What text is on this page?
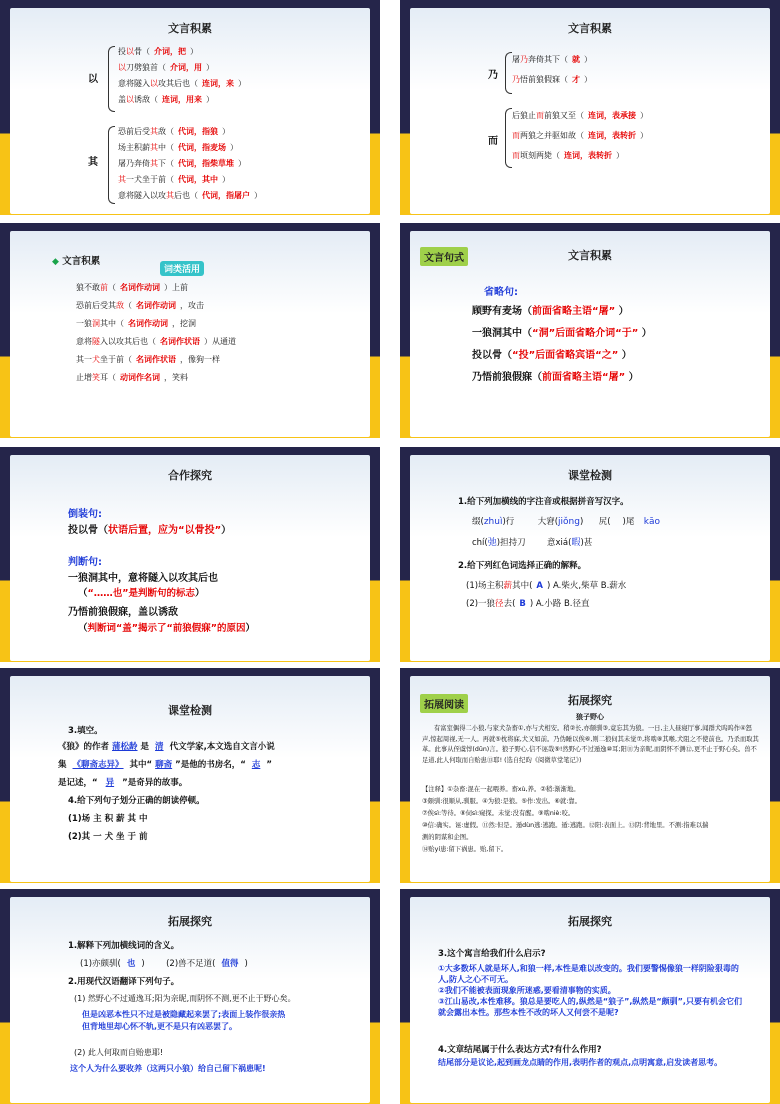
文言积累
以
投以骨（ 介词，把 ）
以刀劈狼首（ 介词，用 ）
意将隧入以攻其后也（ 连词，来 ）
盖以诱敌（ 连词，用来 ）
其
恐前后受其敌（ 代词，指狼 ）
场主积薪其中（ 代词，指麦场 ）
屠乃奔倚其下（ 代词，指柴草堆 ）
其一犬坐于前（ 代词，其中 ）
意将隧入以攻其后也（ 代词，指屠户 ）
文言积累
乃
屠乃奔倚其下（ 就 ）
乃悟前狼假寐（ 才 ）
而
后狼止而前狼又至（ 连词，表承接 ）
而两狼之并驱如故（ 连词，表转折 ）
而顷刻两毙（ 连词，表转折 ）
◆ 文言积累
词类活用
狼不敢前（ 名词作动词 ）上前
恐前后受其敌（ 名词作动词 ，攻击
一狼洞其中（ 名词作动词 ，挖洞
意将隧入以攻其后也（ 名词作状语 ）从通道
其一犬坐于前（ 名词作状语 ，像狗一样
止增笑耳（ 动词作名词 ，笑料
文言句式	文言积累
省略句:
顾野有麦场（前面省略主语“屠” ）
一狼洞其中（“洞”后面省略介词“于” ）
投以骨（“投”后面省略宾语“之” ）
乃悟前狼假寐（前面省略主语“屠” ）
合作探究
倒装句:
投以骨（状语后置，应为“以骨投”）
判断句:
一狼洞其中，意将隧入以攻其后也
（“……也”是判断句的标志）
乃悟前狼假寐，盖以诱敌
（判断词“盖”揭示了“前狼假寐”的原因）
课堂检测
1.给下列加横线的字注音或根据拼音写汉字。
缀(zhuì)行	大窘(jiǒng) 尻( )尾 kāo
chí(弛)担持刀	意xiá(暇)甚
2.给下列红色词选择正确的解释。
(1)场主积薪其中( A ) A.柴火,柴草 B.薪水
(2)一狼径去( B ) A.小路 B.径直
课堂检测
3.填空。
《狼》的作者 蒲松龄 是 清 代文学家,本文选自文言小说
集 《聊斋志异》 其中“ 聊斋 ”是他的书房名，“ 志 ”
是记述，“ 异 ”是奇异的故事。
4.给下列句子划分正确的朗读停顿。
(1)场 主 积 薪 其 中
(2)其 一 犬 坐 于 前
拓展阅读	拓展探究
狼子野心
有富室偶得二小狼,与家犬杂畜①,亦与犬相安。稍②长,亦颇驯③,竟忘其为狼。一日,主人昼寝厅事,闻群犬呜呜作④怒声,惊起周视,无一人。再就⑤枕将寐,犬又如前。乃伪睡以俟⑥,则二狼伺其未觉⑦,将啮⑧其喉,犬阻之不使前也。乃杀而取其革。此事从侄虞惇(dūn)言。狼子野心,信不诬哉⑨!然野心不过遁逸⑩耳;阳⑪为亲昵,而阴怀不测⑫,更不止于野心矣。兽不足道,此人何取而自贻患⑬耶! (选自纪昀《阅微草堂笔记》)
【注释】①杂畜:混在一起喂养。畜xù,养。②稍:渐渐地。
③颇驯:很顺从,驯服。④为狼:是狼。⑤作:发出。⑥就:靠。
⑦俟sì:等待。⑧伺sì:窥探。未觉:没有醒。⑨啮niè:咬。
⑩信:确实。诬:虚假。⑪然:但是。遁dùn逃:逃跑。遁:逃跑。⑫阳:表面上。⑬阴:背地里。不测:指难以揣
测的阴谋和企图。
⑭贻yí患:留下祸患。贻,留下。
拓展探究
1.解释下列加横线词的含义。
(1)亦颇驯( 也 )	(2)兽不足道( 值得 )
2.用现代汉语翻译下列句子。
(1) 然野心不过遁逸耳;阳为亲昵,而阴怀不测,更不止于野心矣。
但是凶恶本性只不过是被隐藏起来罢了;表面上装作很亲热
但背地里却心怀不轨,更不是只有凶恶罢了。
(2) 此人何取而自贻患耶!
这个人为什么要收养（这两只小狼）给自己留下祸患呢!
拓展探究
3.这个寓言给我们什么启示?
①大多数坏人就是坏人,和狼一样,本性是难以改变的。我们要警惕像狼一样阴险狠毒的人,防人之心不可无。
②我们不能被表面现象所迷惑,要看清事物的实质。
③江山易改,本性难移。狼总是要吃人的,纵然是“狼子”,纵然是“颇驯”,只要有机会它们就会露出本性。那些本性不改的坏人又何尝不是呢?
4.文章结尾属于什么表达方式?有什么作用?
结尾部分是议论,起到画龙点睛的作用,表明作者的观点,点明寓意,启发读者思考。
